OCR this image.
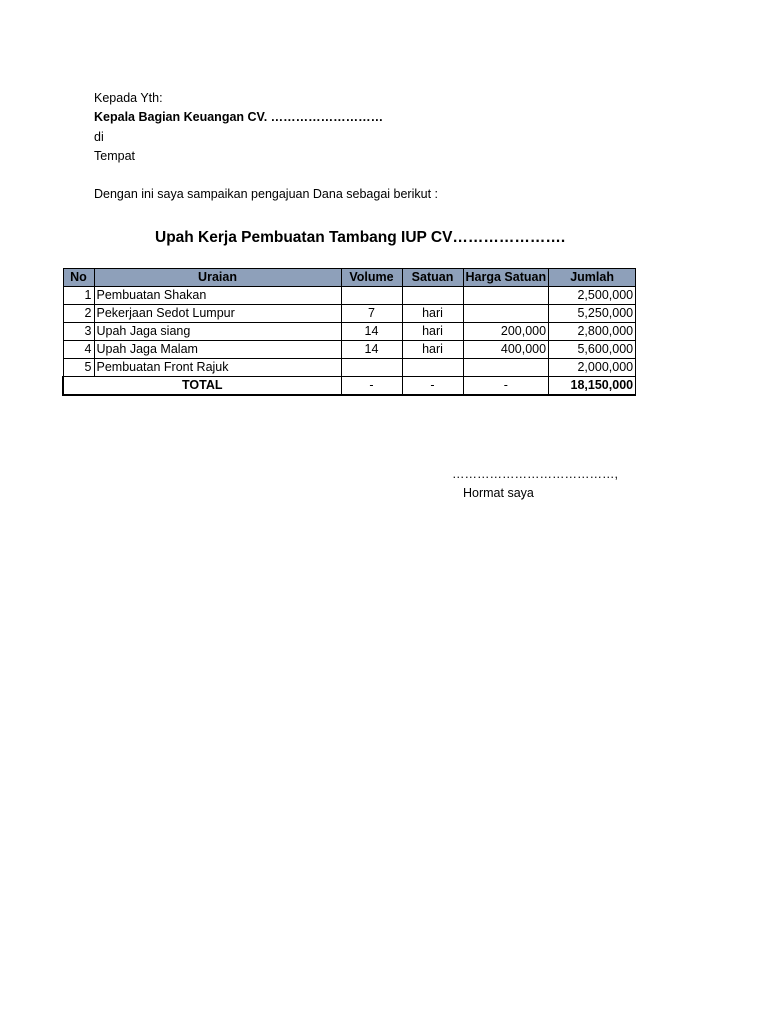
Kepada Yth:
Kepala Bagian Keuangan CV. ………………………
di
Tempat
Dengan ini saya sampaikan pengajuan Dana sebagai berikut :
Upah Kerja Pembuatan Tambang IUP CV………………….
No	Uraian	Volume	Satuan	Harga Satuan	Jumlah
1	Pembuatan Shakan				2,500,000
2	Pekerjaan Sedot Lumpur	7	hari		5,250,000
3	Upah Jaga siang	14	hari	200,000	2,800,000
4	Upah Jaga Malam	14	hari	400,000	5,600,000
5	Pembuatan Front Rajuk				2,000,000
TOTAL		-	-	-	18,150,000
…………………………………,
Hormat saya
